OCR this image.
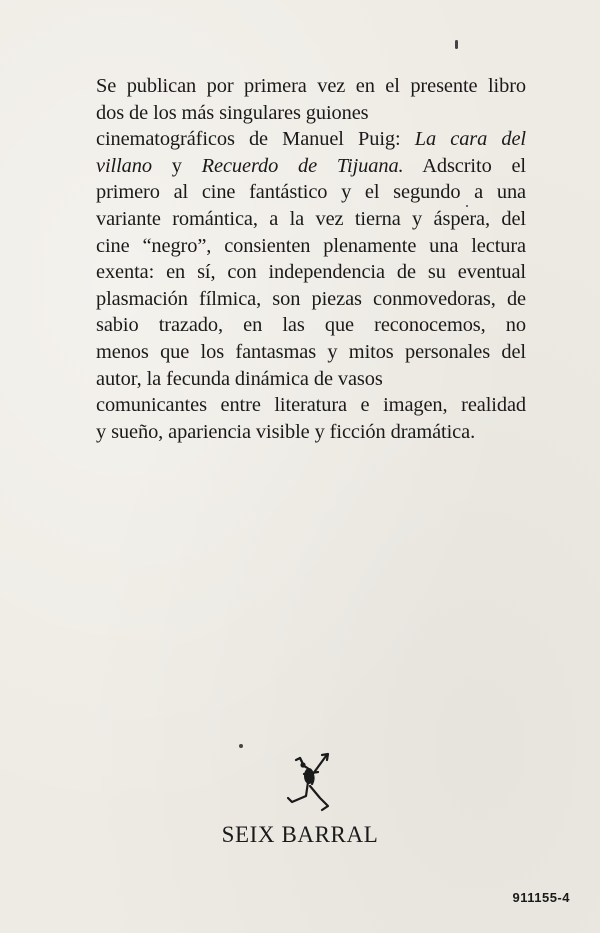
Se publican por primera vez en el presente libro
dos de los más singulares guiones
cinematográficos de Manuel Puig: La cara del
villano y Recuerdo de Tijuana. Adscrito el
primero al cine fantástico y el segundo a una
variante romántica, a la vez tierna y áspera, del
cine “negro”, consienten plenamente una lectura
exenta: en sí, con independencia de su eventual
plasmación fílmica, son piezas conmovedoras, de
sabio trazado, en las que reconocemos, no
menos que los fantasmas y mitos personales del
autor, la fecunda dinámica de vasos
comunicantes entre literatura e imagen, realidad
y sueño, apariencia visible y ficción dramática.
SEIX BARRAL
911155-4
